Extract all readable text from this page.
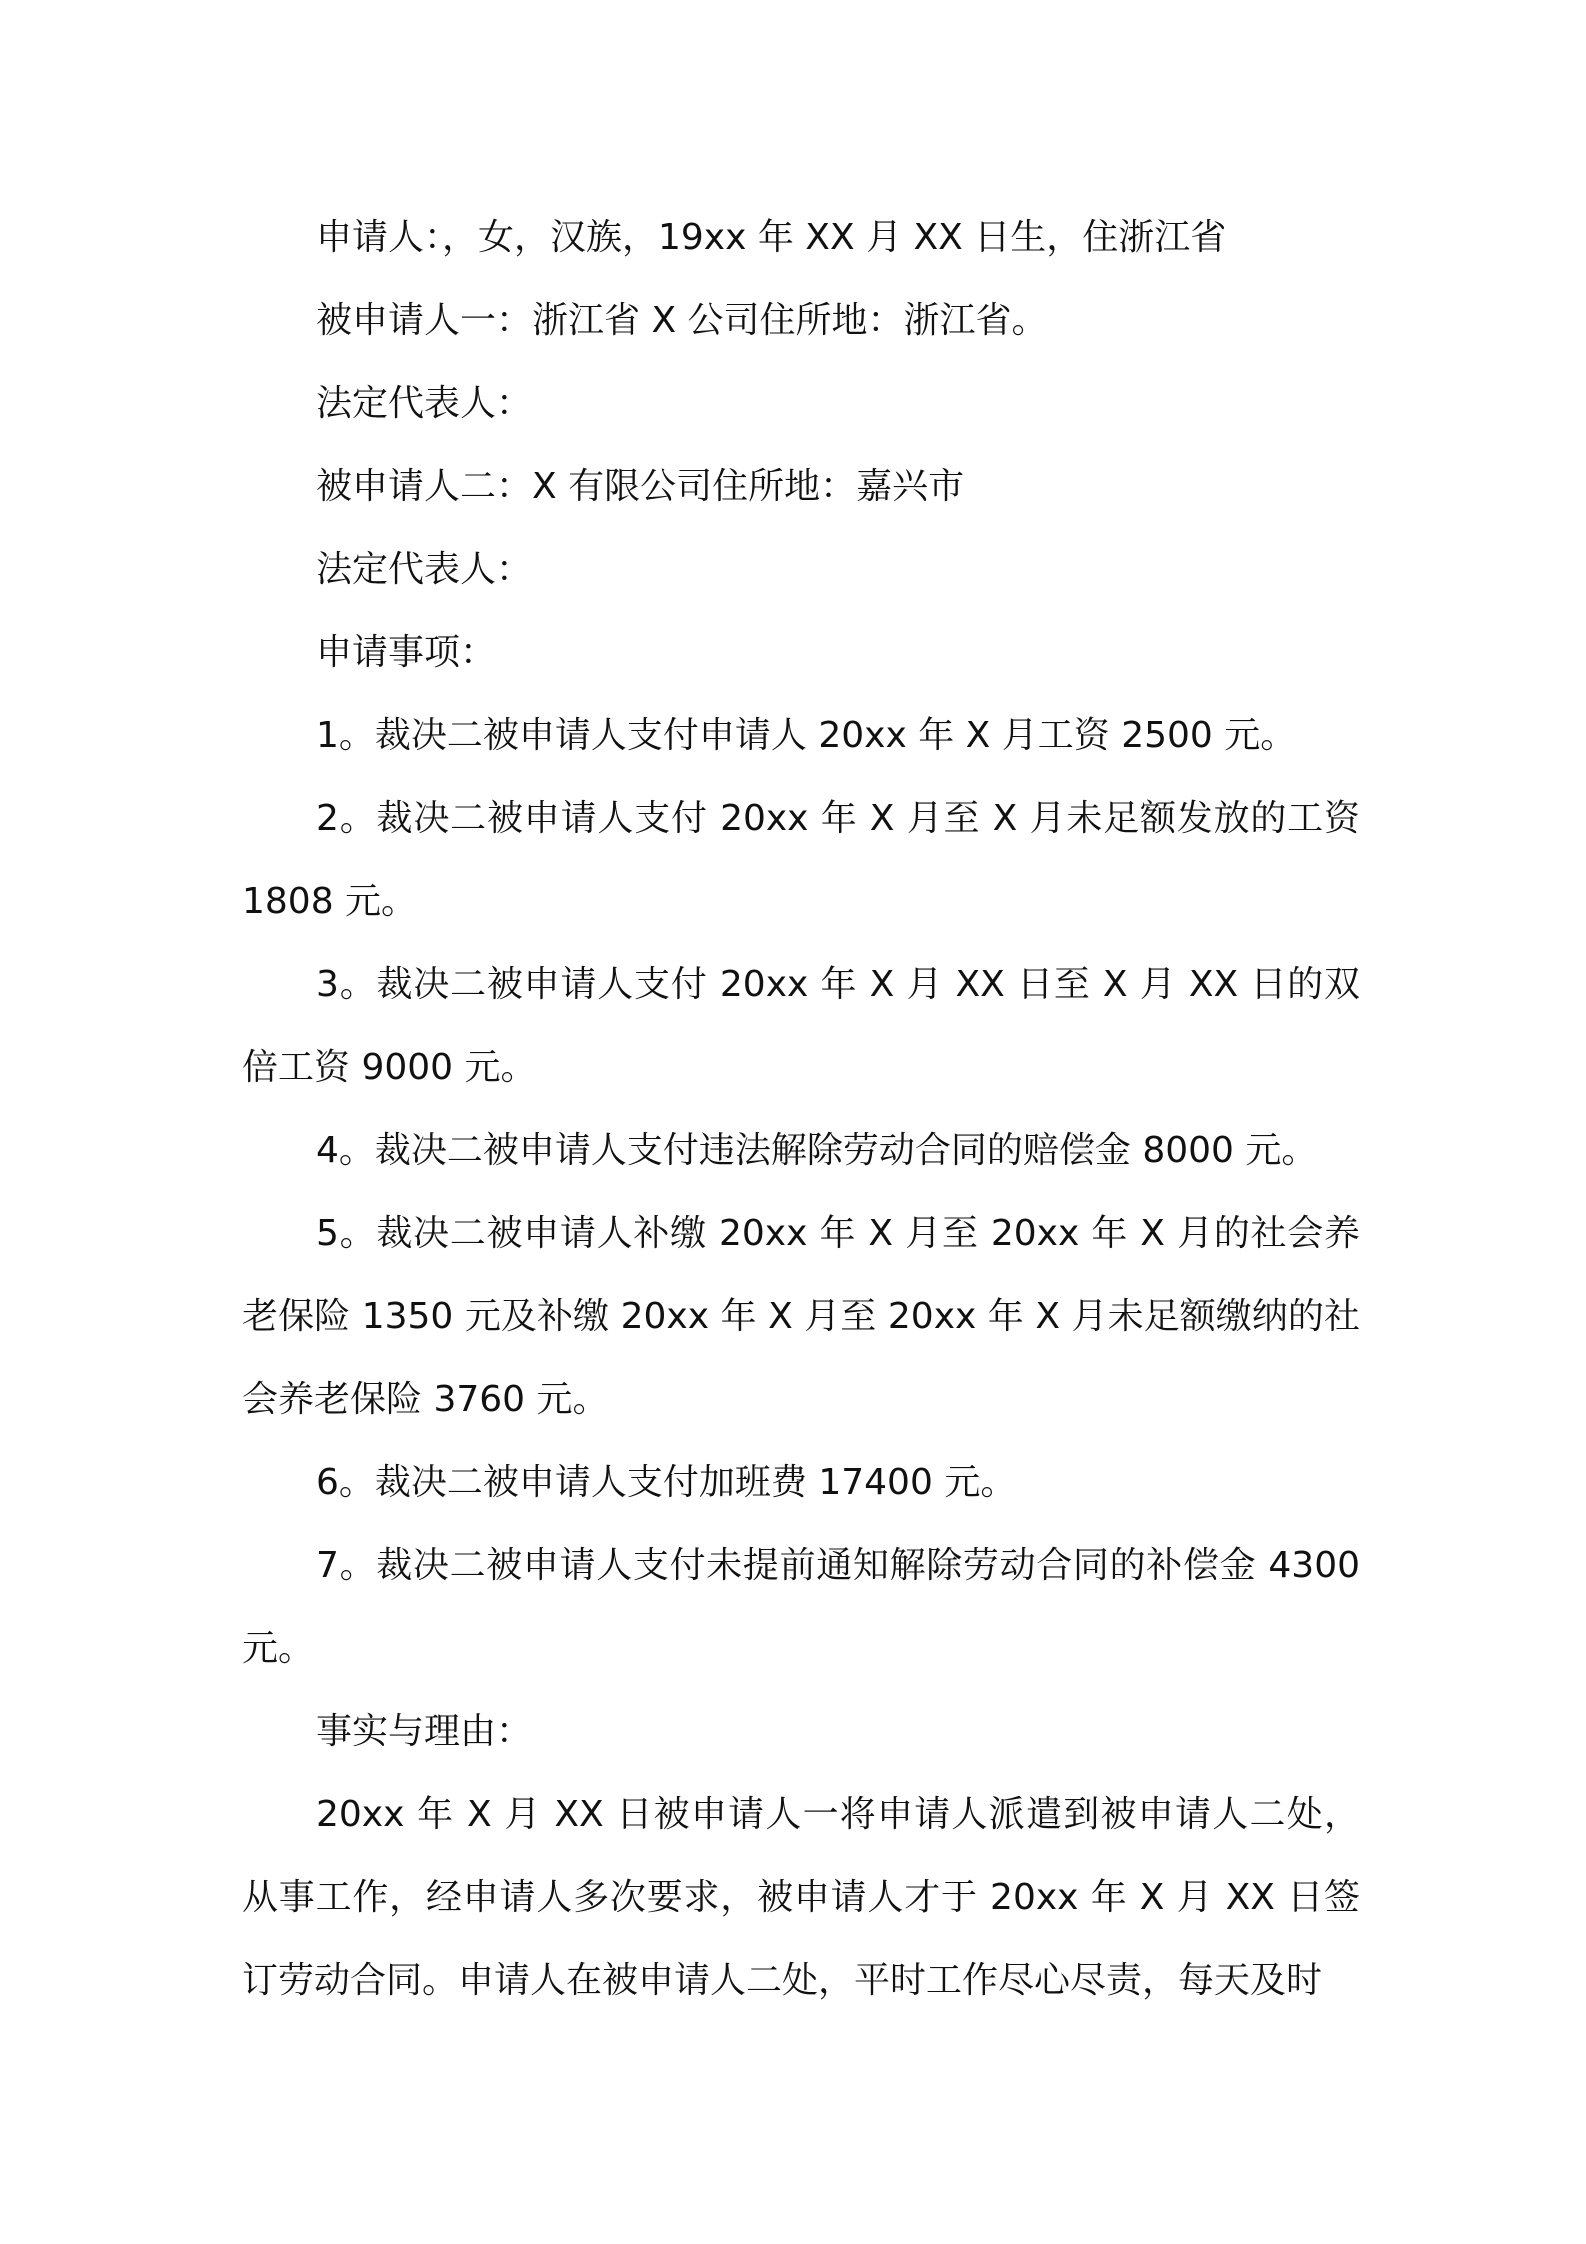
申请人：，女，汉族，19xx 年 XX 月 XX 日生，住浙江省

被申请人一：浙江省 X 公司住所地：浙江省。

法定代表人：

被申请人二：X 有限公司住所地：嘉兴市

法定代表人：

申请事项：

1。裁决二被申请人支付申请人 20xx 年 X 月工资 2500 元。

2。裁决二被申请人支付 20xx 年 X 月至 X 月未足额发放的工资 1808 元。

3。裁决二被申请人支付 20xx 年 X 月 XX 日至 X 月 XX 日的双倍工资 9000 元。

4。裁决二被申请人支付违法解除劳动合同的赔偿金 8000 元。

5。裁决二被申请人补缴 20xx 年 X 月至 20xx 年 X 月的社会养老保险 1350 元及补缴 20xx 年 X 月至 20xx 年 X 月未足额缴纳的社会养老保险 3760 元。

6。裁决二被申请人支付加班费 17400 元。

7。裁决二被申请人支付未提前通知解除劳动合同的补偿金 4300 元。

事实与理由：

20xx 年 X 月 XX 日被申请人一将申请人派遣到被申请人二处，从事工作，经申请人多次要求，被申请人才于 20xx 年 X 月 XX 日签订劳动合同。申请人在被申请人二处，平时工作尽心尽责，每天及时
